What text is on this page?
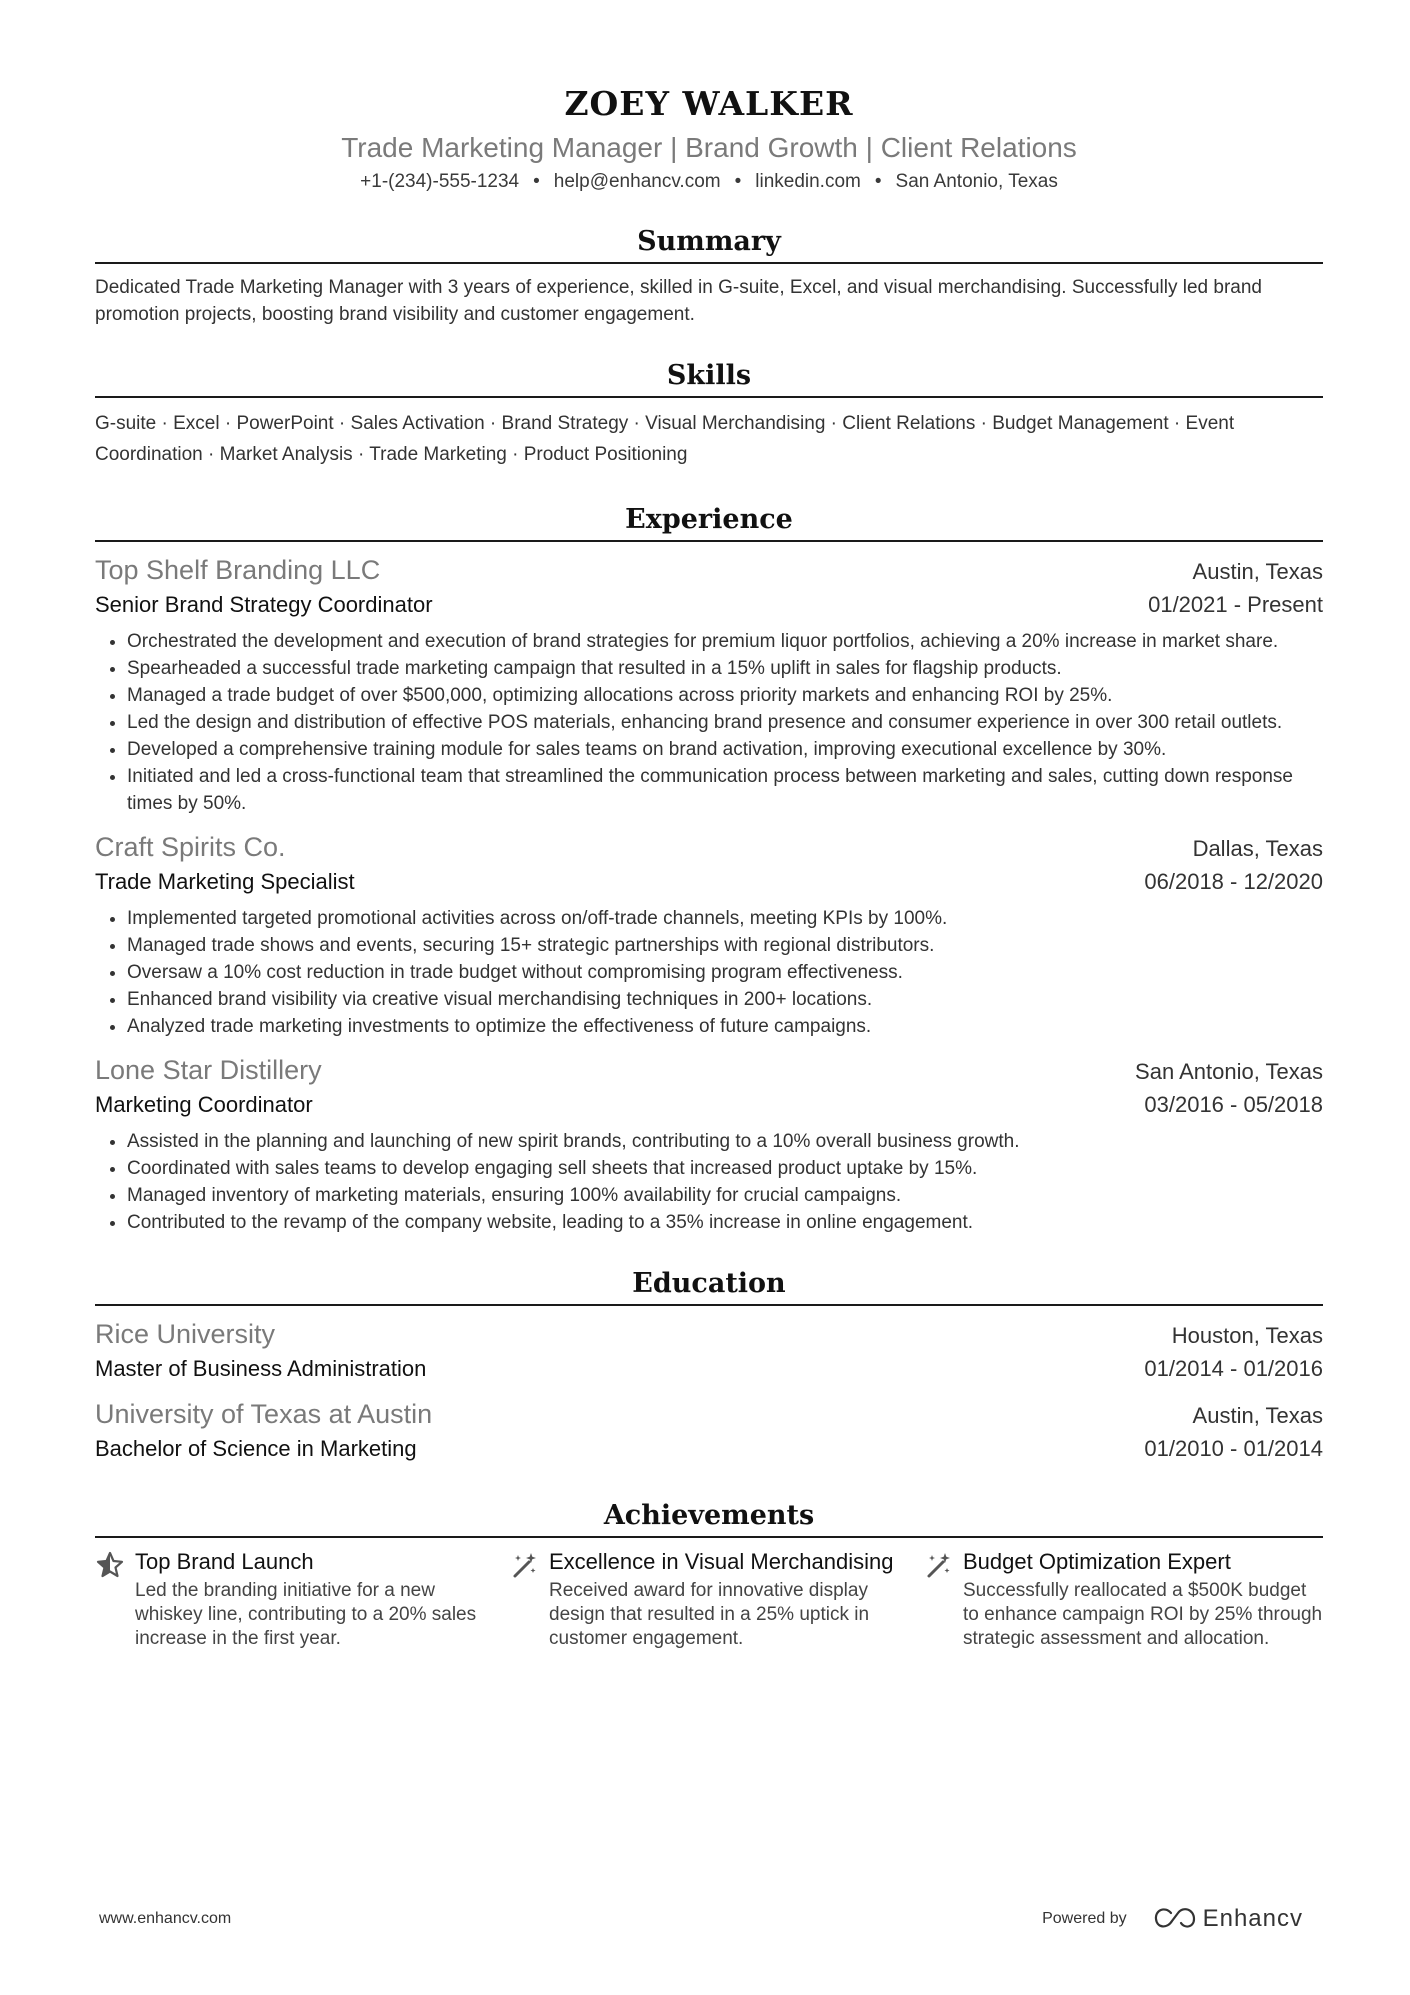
ZOEY WALKER
Trade Marketing Manager | Brand Growth | Client Relations
+1-(234)-555-1234 • help@enhancv.com • linkedin.com • San Antonio, Texas
Summary
Dedicated Trade Marketing Manager with 3 years of experience, skilled in G-suite, Excel, and visual merchandising. Successfully led brand promotion projects, boosting brand visibility and customer engagement.
Skills
G-suite · Excel · PowerPoint · Sales Activation · Brand Strategy · Visual Merchandising · Client Relations · Budget Management · Event Coordination · Market Analysis · Trade Marketing · Product Positioning
Experience
Top Shelf Branding LLC	Austin, Texas
Senior Brand Strategy Coordinator	01/2021 - Present
• Orchestrated the development and execution of brand strategies for premium liquor portfolios, achieving a 20% increase in market share.
• Spearheaded a successful trade marketing campaign that resulted in a 15% uplift in sales for flagship products.
• Managed a trade budget of over $500,000, optimizing allocations across priority markets and enhancing ROI by 25%.
• Led the design and distribution of effective POS materials, enhancing brand presence and consumer experience in over 300 retail outlets.
• Developed a comprehensive training module for sales teams on brand activation, improving executional excellence by 30%.
• Initiated and led a cross-functional team that streamlined the communication process between marketing and sales, cutting down response times by 50%.
Craft Spirits Co.	Dallas, Texas
Trade Marketing Specialist	06/2018 - 12/2020
• Implemented targeted promotional activities across on/off-trade channels, meeting KPIs by 100%.
• Managed trade shows and events, securing 15+ strategic partnerships with regional distributors.
• Oversaw a 10% cost reduction in trade budget without compromising program effectiveness.
• Enhanced brand visibility via creative visual merchandising techniques in 200+ locations.
• Analyzed trade marketing investments to optimize the effectiveness of future campaigns.
Lone Star Distillery	San Antonio, Texas
Marketing Coordinator	03/2016 - 05/2018
• Assisted in the planning and launching of new spirit brands, contributing to a 10% overall business growth.
• Coordinated with sales teams to develop engaging sell sheets that increased product uptake by 15%.
• Managed inventory of marketing materials, ensuring 100% availability for crucial campaigns.
• Contributed to the revamp of the company website, leading to a 35% increase in online engagement.
Education
Rice University	Houston, Texas
Master of Business Administration	01/2014 - 01/2016
University of Texas at Austin	Austin, Texas
Bachelor of Science in Marketing	01/2010 - 01/2014
Achievements
Top Brand Launch
Led the branding initiative for a new whiskey line, contributing to a 20% sales increase in the first year.
Excellence in Visual Merchandising
Received award for innovative display design that resulted in a 25% uptick in customer engagement.
Budget Optimization Expert
Successfully reallocated a $500K budget to enhance campaign ROI by 25% through strategic assessment and allocation.
www.enhancv.com	Powered by	Enhancv
